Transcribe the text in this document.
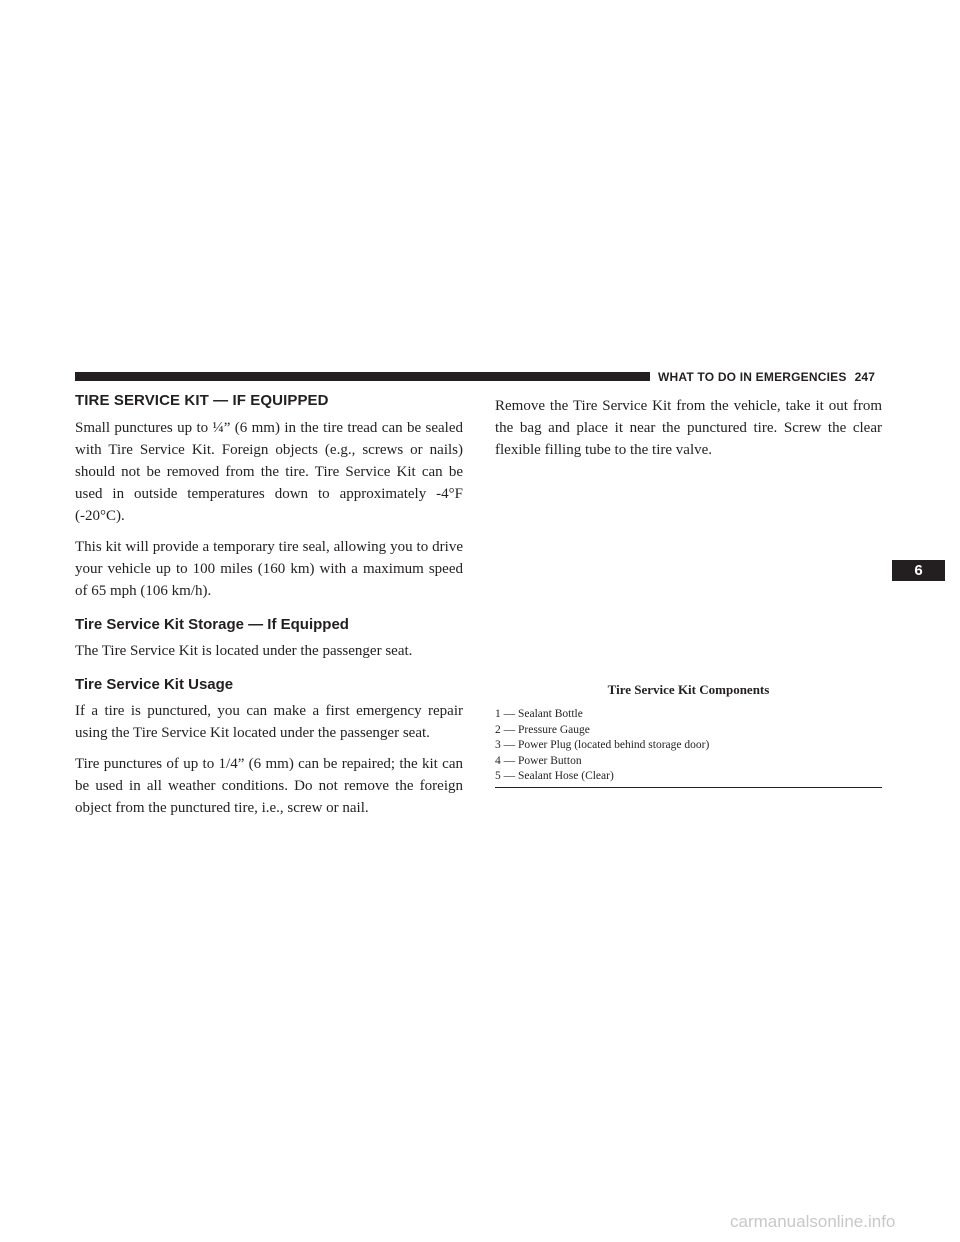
WHAT TO DO IN EMERGENCIES 247
TIRE SERVICE KIT — IF EQUIPPED

Small punctures up to ¼” (6 mm) in the tire tread can be sealed with Tire Service Kit. Foreign objects (e.g., screws or nails) should not be removed from the tire. Tire Service Kit can be used in outside temperatures down to approximately -4°F (-20°C).

This kit will provide a temporary tire seal, allowing you to drive your vehicle up to 100 miles (160 km) with a maximum speed of 65 mph (106 km/h).

Tire Service Kit Storage — If Equipped

The Tire Service Kit is located under the passenger seat.

Tire Service Kit Usage

If a tire is punctured, you can make a first emergency repair using the Tire Service Kit located under the passenger seat.

Tire punctures of up to 1/4” (6 mm) can be repaired; the kit can be used in all weather conditions. Do not remove the foreign object from the punctured tire, i.e., screw or nail.

Remove the Tire Service Kit from the vehicle, take it out from the bag and place it near the punctured tire. Screw the clear flexible filling tube to the tire valve.

Tire Service Kit Components
1 — Sealant Bottle
2 — Pressure Gauge
3 — Power Plug (located behind storage door)
4 — Power Button
5 — Sealant Hose (Clear)
6
carmanualsonline.info
